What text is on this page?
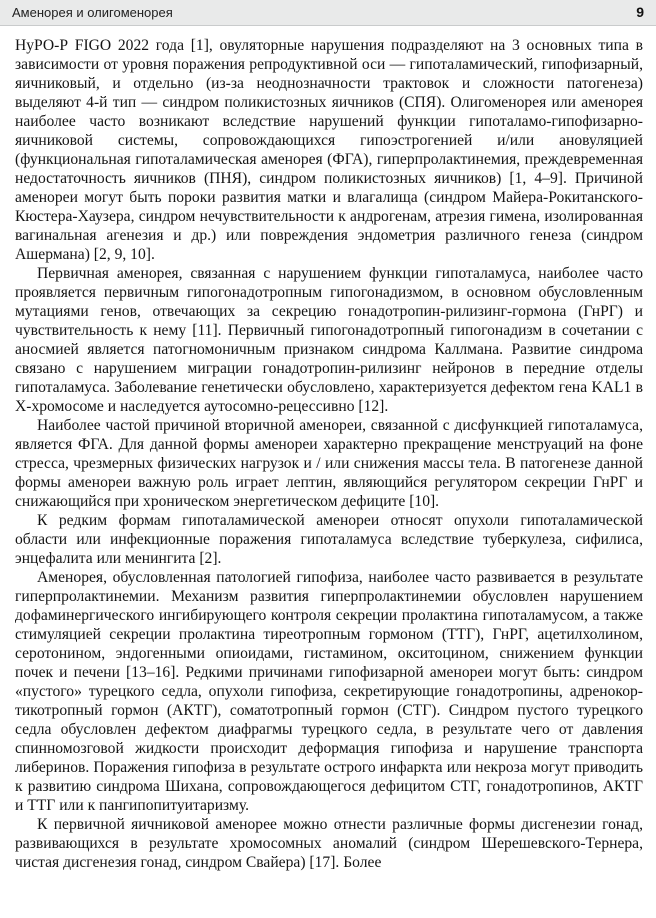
Аменорея и олигоменорея	9

НуРО-Р FIGO 2022 года [1], овуляторные нарушения подразделяют на 3 основных типа в зависимости от уровня поражения репродуктивной оси — гипоталамический, гипофизарный, яичниковый, и отдельно (из-за неоднозначности трактовок и сложности патогенеза) выделяют 4-й тип — синдром поликистозных яичников (СПЯ). Олигоменорея или аменорея наиболее часто возникают вследствие нарушений функции гипоталамо-гипофизарно-яичниковой системы, сопровождающихся гипоэстрогенией и/или ановуляцией (функциональная гипоталамическая аменорея (ФГА), гиперпролактинемия, преждевременная недостаточность яичников (ПНЯ), синдром поликистозных яичников) [1, 4–9]. Причиной аменореи могут быть пороки развития матки и влагалища (синдром Майера-Рокитанского-Кюстера-Хаузера, синдром нечувствительности к андрогенам, атрезия гимена, изолированная вагинальная агенезия и др.) или повреждения эндометрия различного генеза (синдром Ашермана) [2, 9, 10].

Первичная аменорея, связанная с нарушением функции гипоталамуса, наиболее часто проявляется первичным гипогонадотропным гипогонадизмом, в основном обусловленным мутациями генов, отвечающих за секрецию гонадотропин-рилизинг-гормона (ГнРГ) и чувствительность к нему [11]. Первичный гипогонадотропный гипогонадизм в сочетании с аносмией является патогномоничным признаком синдрома Каллмана. Развитие синдрома связано с нарушением миграции гонадотропин-рилизинг нейронов в передние отделы гипоталамуса. Заболевание генетически обусловлено, характеризуется дефектом гена KAL1 в Х-хромосоме и наследуется аутосомно-рецессивно [12].

Наиболее частой причиной вторичной аменореи, связанной с дисфункцией гипоталамуса, является ФГА. Для данной формы аменореи характерно прекращение менструаций на фоне стресса, чрезмерных физических нагрузок и / или снижения массы тела. В патогенезе данной формы аменореи важную роль играет лептин, являющийся регулятором секреции ГнРГ и снижающийся при хроническом энергетическом дефиците [10].

К редким формам гипоталамической аменореи относят опухоли гипоталамической области или инфекционные поражения гипоталамуса вследствие туберкулеза, сифилиса, энцефалита или менингита [2].

Аменорея, обусловленная патологией гипофиза, наиболее часто развивается в результате гиперпролактинемии. Механизм развития гиперпролактинемии обусловлен нарушением дофаминергического ингибирующего контроля секреции пролактина гипоталамусом, а также стимуляцией секреции пролактина тиреотропным гормоном (ТТГ), ГнРГ, ацетилхолином, серотонином, эндогенными опиоидами, гистамином, окситоцином, снижением функции почек и печени [13–16]. Редкими причинами гипофизарной аменореи могут быть: синдром «пустого» турецкого седла, опухоли гипофиза, секретирующие гонадотропины, адренокортикотропный гормон (АКТГ), соматотропный гормон (СТГ). Синдром пустого турецкого седла обусловлен дефектом диафрагмы турецкого седла, в результате чего от давления спинномозговой жидкости происходит деформация гипофиза и нарушение транспорта либеринов. Поражения гипофиза в результате острого инфаркта или некроза могут приводить к развитию синдрома Шихана, сопровождающегося дефицитом СТГ, гонадотропинов, АКТГ и ТТГ или к пангипопитуитаризму.

К первичной яичниковой аменорее можно отнести различные формы дисгенезии гонад, развивающихся в результате хромосомных аномалий (синдром Шерешевского-Тернера, чистая дисгенезия гонад, синдром Свайера) [17]. Более
